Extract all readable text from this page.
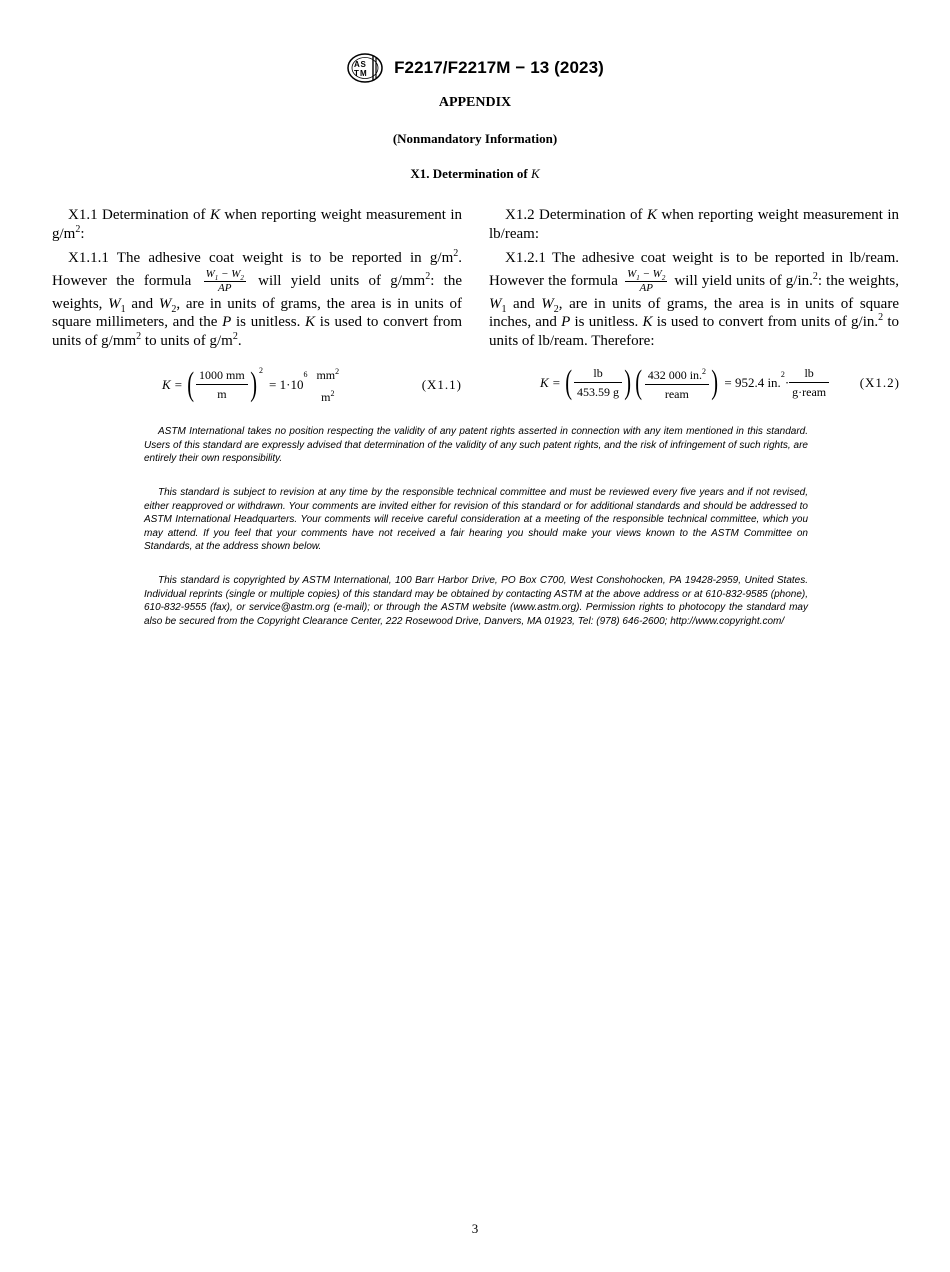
A S
T M F2217/F2217M − 13 (2023)
APPENDIX
(Nonmandatory Information)
X1. Determination of K

X1.1 Determination of K when reporting weight measurement in $g/m^2$:

X1.1.1 The adhesive coat weight is to be reported in $g/m^2$. However the formula $\frac{W_1 - W_2}{AP}$ will yield units of $g/mm^2$: the weights, $W_1$ and $W_2$, are in units of grams, the area is in units of square millimeters, and the P is unitless. K is used to convert from units of $g/mm^2$ to units of $g/m^2$.

K = ( 1000 mm
m ) $^2$
= 1·10
$^6$ $mm^2$
$m^2$
(X1.1)

X1.2 Determination of K when reporting weight measurement in lb/ream:

X1.2.1 The adhesive coat weight is to be reported in lb/ream. However the formula $\frac{W_1 - W_2}{AP}$ will yield units of g/in.$^2$: the weights, $W_1$ and $W_2$, are in units of grams, the area is in units of square inches, and P is unitless. K is used to convert from units of g/in.$^2$ to units of lb/ream. Therefore:

K = (	lb
453.59 g ) ( 432 000 in.$^2$
ream ) = 952.4 in.
$^2$
·
lb
g·ream
(X1.2)

ASTM International takes no position respecting the validity of any patent rights asserted in connection with any item mentioned in this standard. Users of this standard are expressly advised that determination of the validity of any such patent rights, and the risk of infringement of such rights, are entirely their own responsibility.

This standard is subject to revision at any time by the responsible technical committee and must be reviewed every five years and if not revised, either reapproved or withdrawn. Your comments are invited either for revision of this standard or for additional standards and should be addressed to ASTM International Headquarters. Your comments will receive careful consideration at a meeting of the responsible technical committee, which you may attend. If you feel that your comments have not received a fair hearing you should make your views known to the ASTM Committee on Standards, at the address shown below.

This standard is copyrighted by ASTM International, 100 Barr Harbor Drive, PO Box C700, West Conshohocken, PA 19428-2959, United States. Individual reprints (single or multiple copies) of this standard may be obtained by contacting ASTM at the above address or at 610-832-9585 (phone), 610-832-9555 (fax), or service@astm.org (e-mail); or through the ASTM website (www.astm.org). Permission rights to photocopy the standard may also be secured from the Copyright Clearance Center, 222 Rosewood Drive, Danvers, MA 01923, Tel: (978) 646-2600; http://www.copyright.com/

3
